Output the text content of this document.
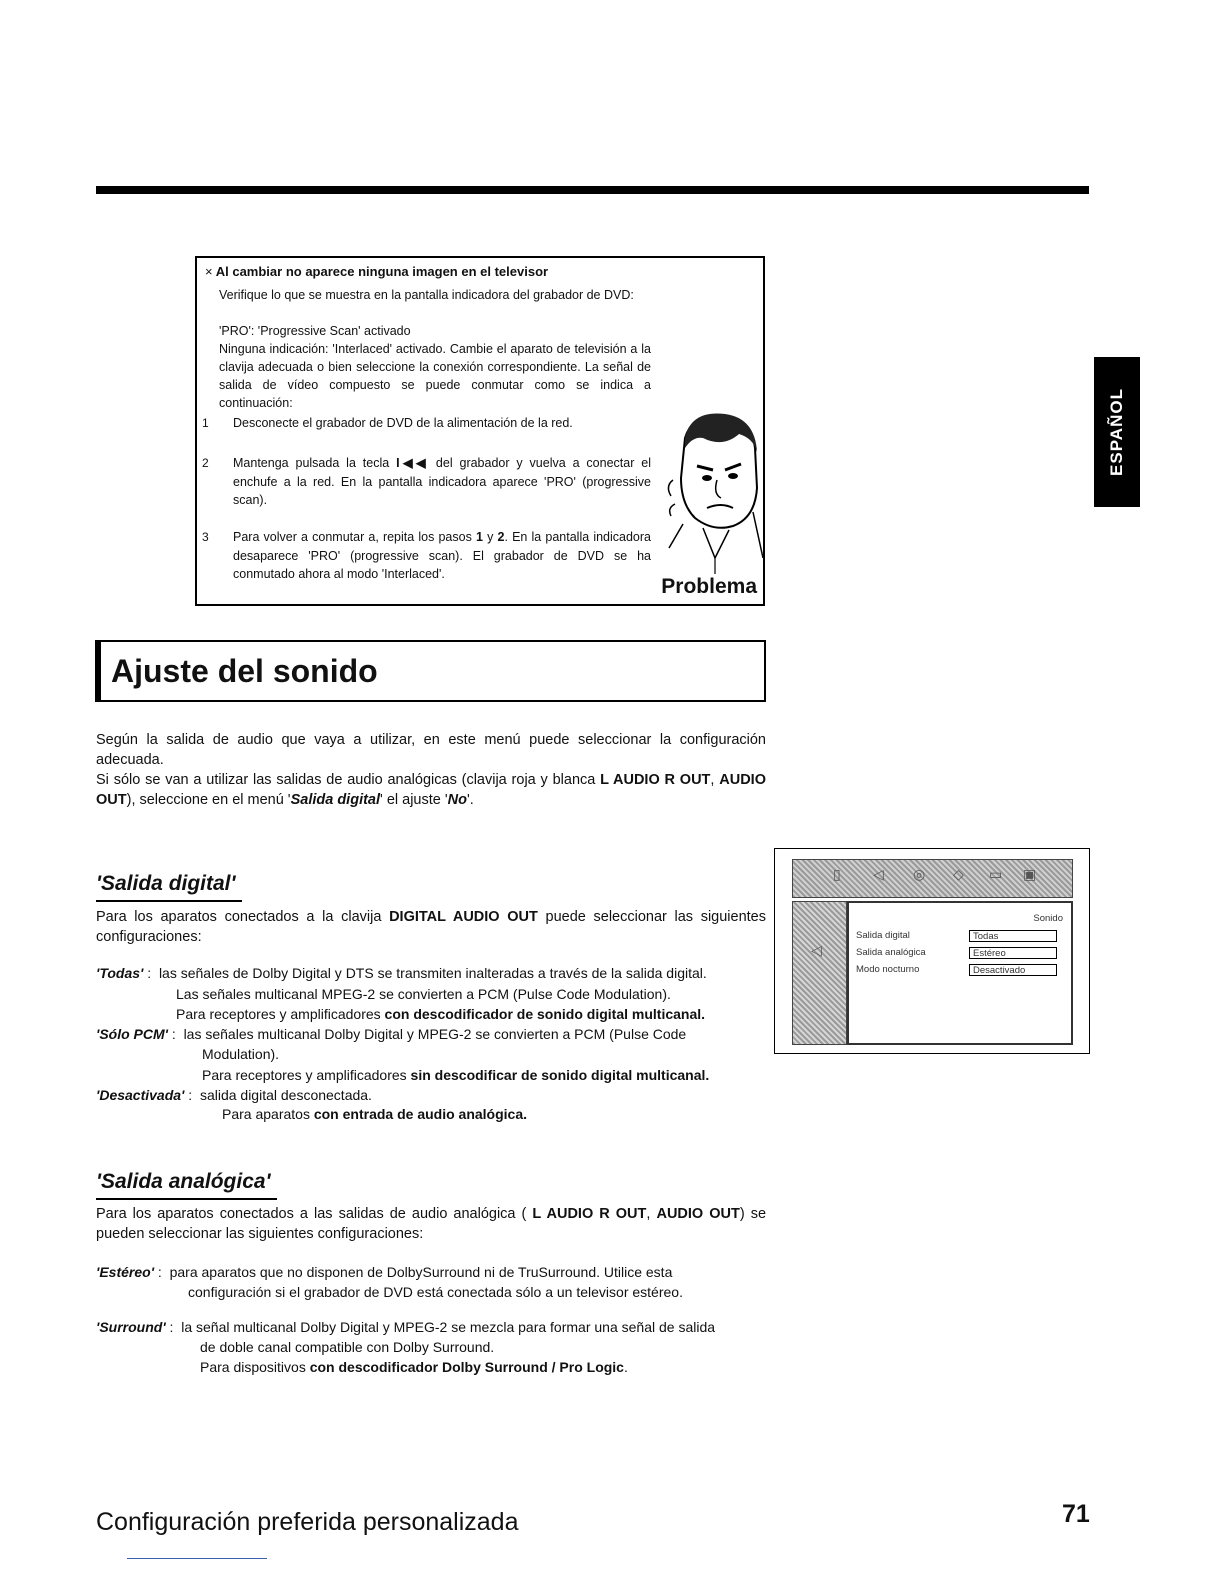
ESPAÑOL
× Al cambiar no aparece ninguna imagen en el televisor
Verifique lo que se muestra en la pantalla indicadora del grabador de DVD:
'PRO': 'Progressive Scan' activado
Ninguna indicación: 'Interlaced' activado. Cambie el aparato de televisión a la clavija adecuada o bien seleccione la conexión correspondiente. La señal de salida de vídeo compuesto se puede conmutar como se indica a continuación:
1 Desconecte el grabador de DVD de la alimentación de la red.
2 Mantenga pulsada la tecla I◀◀ del grabador y vuelva a conectar el enchufe a la red. En la pantalla indicadora aparece 'PRO' (progressive scan).
3 Para volver a conmutar a, repita los pasos 1 y 2. En la pantalla indicadora desaparece 'PRO' (progressive scan). El grabador de DVD se ha conmutado ahora al modo 'Interlaced'.
Problema
Ajuste del sonido
Según la salida de audio que vaya a utilizar, en este menú puede seleccionar la configuración adecuada.
Si sólo se van a utilizar las salidas de audio analógicas (clavija roja y blanca L AUDIO R OUT, AUDIO OUT), seleccione en el menú 'Salida digital' el ajuste 'No'.
'Salida digital'
Para los aparatos conectados a la clavija DIGITAL AUDIO OUT puede seleccionar las siguientes configuraciones:
'Todas' :  las señales de Dolby Digital y DTS se transmiten inalteradas a través de la salida digital.
Las señales multicanal MPEG-2 se convierten a PCM (Pulse Code Modulation).
Para receptores y amplificadores con descodificador de sonido digital multicanal.
'Sólo PCM' :  las señales multicanal Dolby Digital y MPEG-2 se convierten a PCM (Pulse Code
Modulation).
Para receptores y amplificadores sin descodificar de sonido digital multicanal.
'Desactivada' :  salida digital desconectada.
Para aparatos con entrada de audio analógica.
'Salida analógica'
Para los aparatos conectados a las salidas de audio analógica ( L AUDIO R OUT, AUDIO OUT) se pueden seleccionar las siguientes configuraciones:
'Estéreo' :  para aparatos que no disponen de DolbySurround ni de TruSurround. Utilice esta
configuración si el grabador de DVD está conectada sólo a un televisor estéreo.
'Surround' :  la señal multicanal Dolby Digital y MPEG-2 se mezcla para formar una señal de salida
de doble canal compatible con Dolby Surround.
Para dispositivos con descodificador Dolby Surround / Pro Logic.
▯ ◁ ◎ ◇ ▭ ▣
◁
Sonido
Salida digital	Todas
Salida analógica	Estéreo
Modo nocturno	Desactivado
Configuración preferida personalizada	71
